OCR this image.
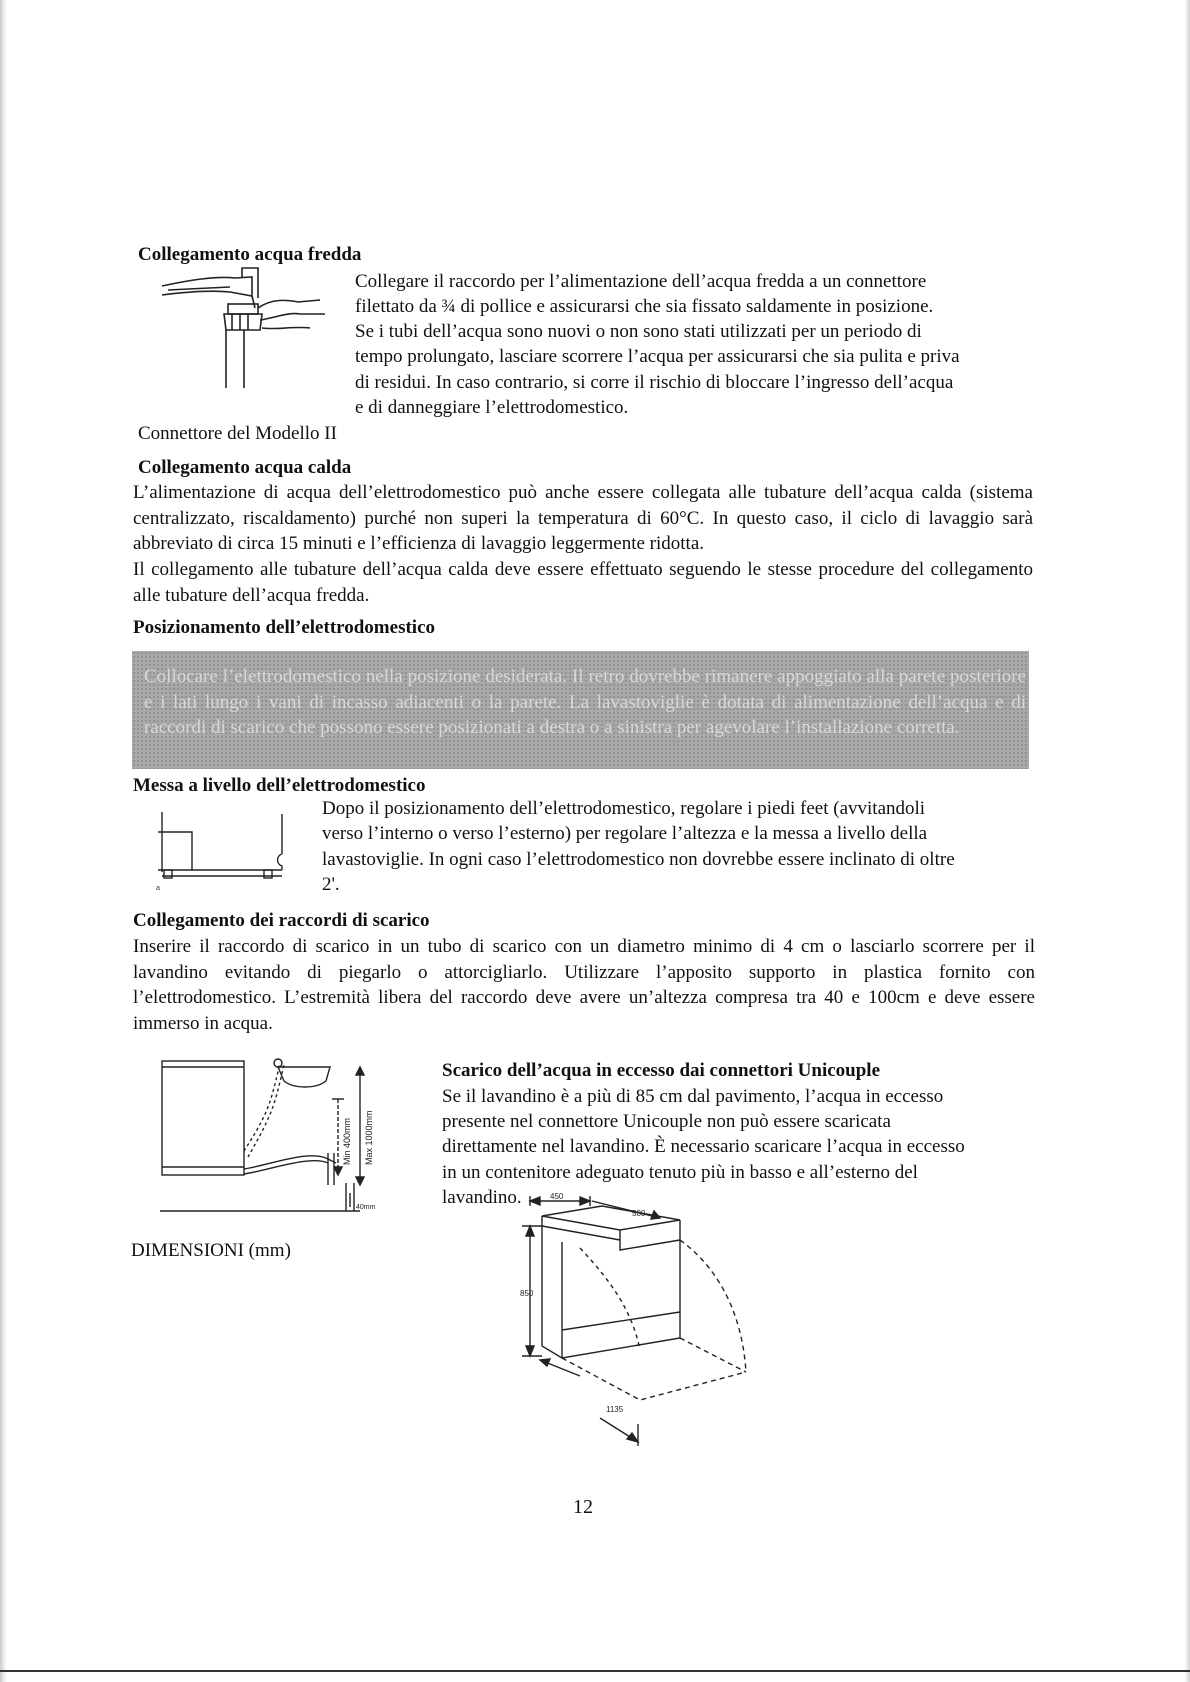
Collegamento acqua fredda
Collegare il raccordo per l’alimentazione dell’acqua fredda a un connettore
filettato da ¾ di pollice e assicurarsi che sia fissato saldamente in posizione.
Se i tubi dell’acqua sono nuovi o non sono stati utilizzati per un periodo di
tempo prolungato, lasciare scorrere l’acqua per assicurarsi che sia pulita e priva
di residui. In caso contrario, si corre il rischio di bloccare l’ingresso dell’acqua
e di danneggiare l’elettrodomestico.
Connettore del Modello II
Collegamento acqua calda
L’alimentazione di acqua dell’elettrodomestico può anche essere collegata alle tubature dell’acqua calda (sistema centralizzato, riscaldamento) purché non superi la temperatura di 60°C. In questo caso, il ciclo di lavaggio sarà abbreviato di circa 15 minuti e l’efficienza di lavaggio leggermente ridotta.
Il collegamento alle tubature dell’acqua calda deve essere effettuato seguendo le stesse procedure del collegamento alle tubature dell’acqua fredda.
Posizionamento dell’elettrodomestico
Collocare l’elettrodomestico nella posizione desiderata. Il retro dovrebbe rimanere appoggiato alla parete posteriore e i lati lungo i vani di incasso adiacenti o la parete. La lavastoviglie è dotata di alimentazione dell’acqua e di raccordi di scarico che possono essere posizionati a destra o a sinistra per agevolare l’installazione corretta.
Messa a livello dell’elettrodomestico
a
Dopo il posizionamento dell’elettrodomestico, regolare i piedi feet (avvitandoli
verso l’interno o verso l’esterno) per regolare l’altezza e la messa a livello della
lavastoviglie. In ogni caso l’elettrodomestico non dovrebbe essere inclinato di oltre
2'.
Collegamento dei raccordi di scarico
Inserire il raccordo di scarico in un tubo di scarico con un diametro minimo di 4 cm o lasciarlo scorrere per il lavandino evitando di piegarlo o attorcigliarlo. Utilizzare l’apposito supporto in plastica fornito con l’elettrodomestico. L’estremità libera del raccordo deve avere un’altezza compresa tra 40 e 100cm e deve essere immerso in acqua.
Min 400mm Max 1000mm
40mm
Scarico dell’acqua in eccesso dai connettori Unicouple
Se il lavandino è a più di 85 cm dal pavimento, l’acqua in eccesso
presente nel connettore Unicouple non può essere scaricata
direttamente nel lavandino. È necessario scaricare l’acqua in eccesso
in un contenitore adeguato tenuto più in basso e all’esterno del
lavandino.
DIMENSIONI (mm)
450
580
850
1135
12
